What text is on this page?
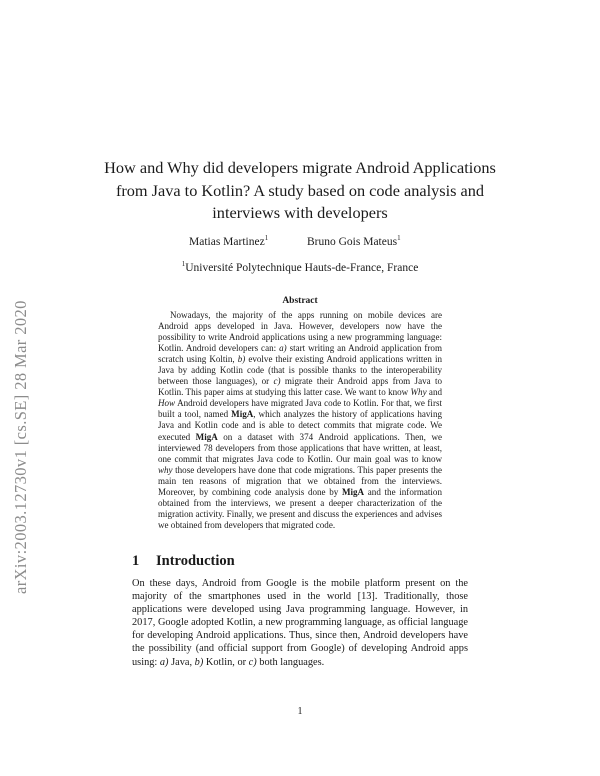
arXiv:2003.12730v1 [cs.SE] 28 Mar 2020
How and Why did developers migrate Android Applications from Java to Kotlin? A study based on code analysis and interviews with developers
Matias Martinez$^1$	Bruno Gois Mateus$^1$
$^1$Université Polytechnique Hauts-de-France, France
Abstract

Nowadays, the majority of the apps running on mobile devices are Android apps developed in Java. However, developers now have the possibility to write Android applications using a new programming language: Kotlin. Android developers can: a) start writing an Android application from scratch using Koltin, b) evolve their existing Android applications written in Java by adding Kotlin code (that is possible thanks to the interoperability between those languages), or c) migrate their Android apps from Java to Kotlin. This paper aims at studying this latter case. We want to know Why and How Android developers have migrated Java code to Kotlin. For that, we first built a tool, named MigA, which analyzes the history of applications having Java and Kotlin code and is able to detect commits that migrate code. We executed MigA on a dataset with 374 Android applications. Then, we interviewed 78 developers from those applications that have written, at least, one commit that migrates Java code to Kotlin. Our main goal was to know why those developers have done that code migrations. This paper presents the main ten reasons of migration that we obtained from the interviews. Moreover, by combining code analysis done by MigA and the information obtained from the interviews, we present a deeper characterization of the migration activity. Finally, we present and discuss the experiences and advises we obtained from developers that migrated code.

1 Introduction

On these days, Android from Google is the mobile platform present on the majority of the smartphones used in the world [13]. Traditionally, those applications were developed using Java programming language. However, in 2017, Google adopted Kotlin, a new programming language, as official language for developing Android applications. Thus, since then, Android developers have the possibility (and official support from Google) of developing Android apps using: a) Java, b) Kotlin, or c) both languages.

1
